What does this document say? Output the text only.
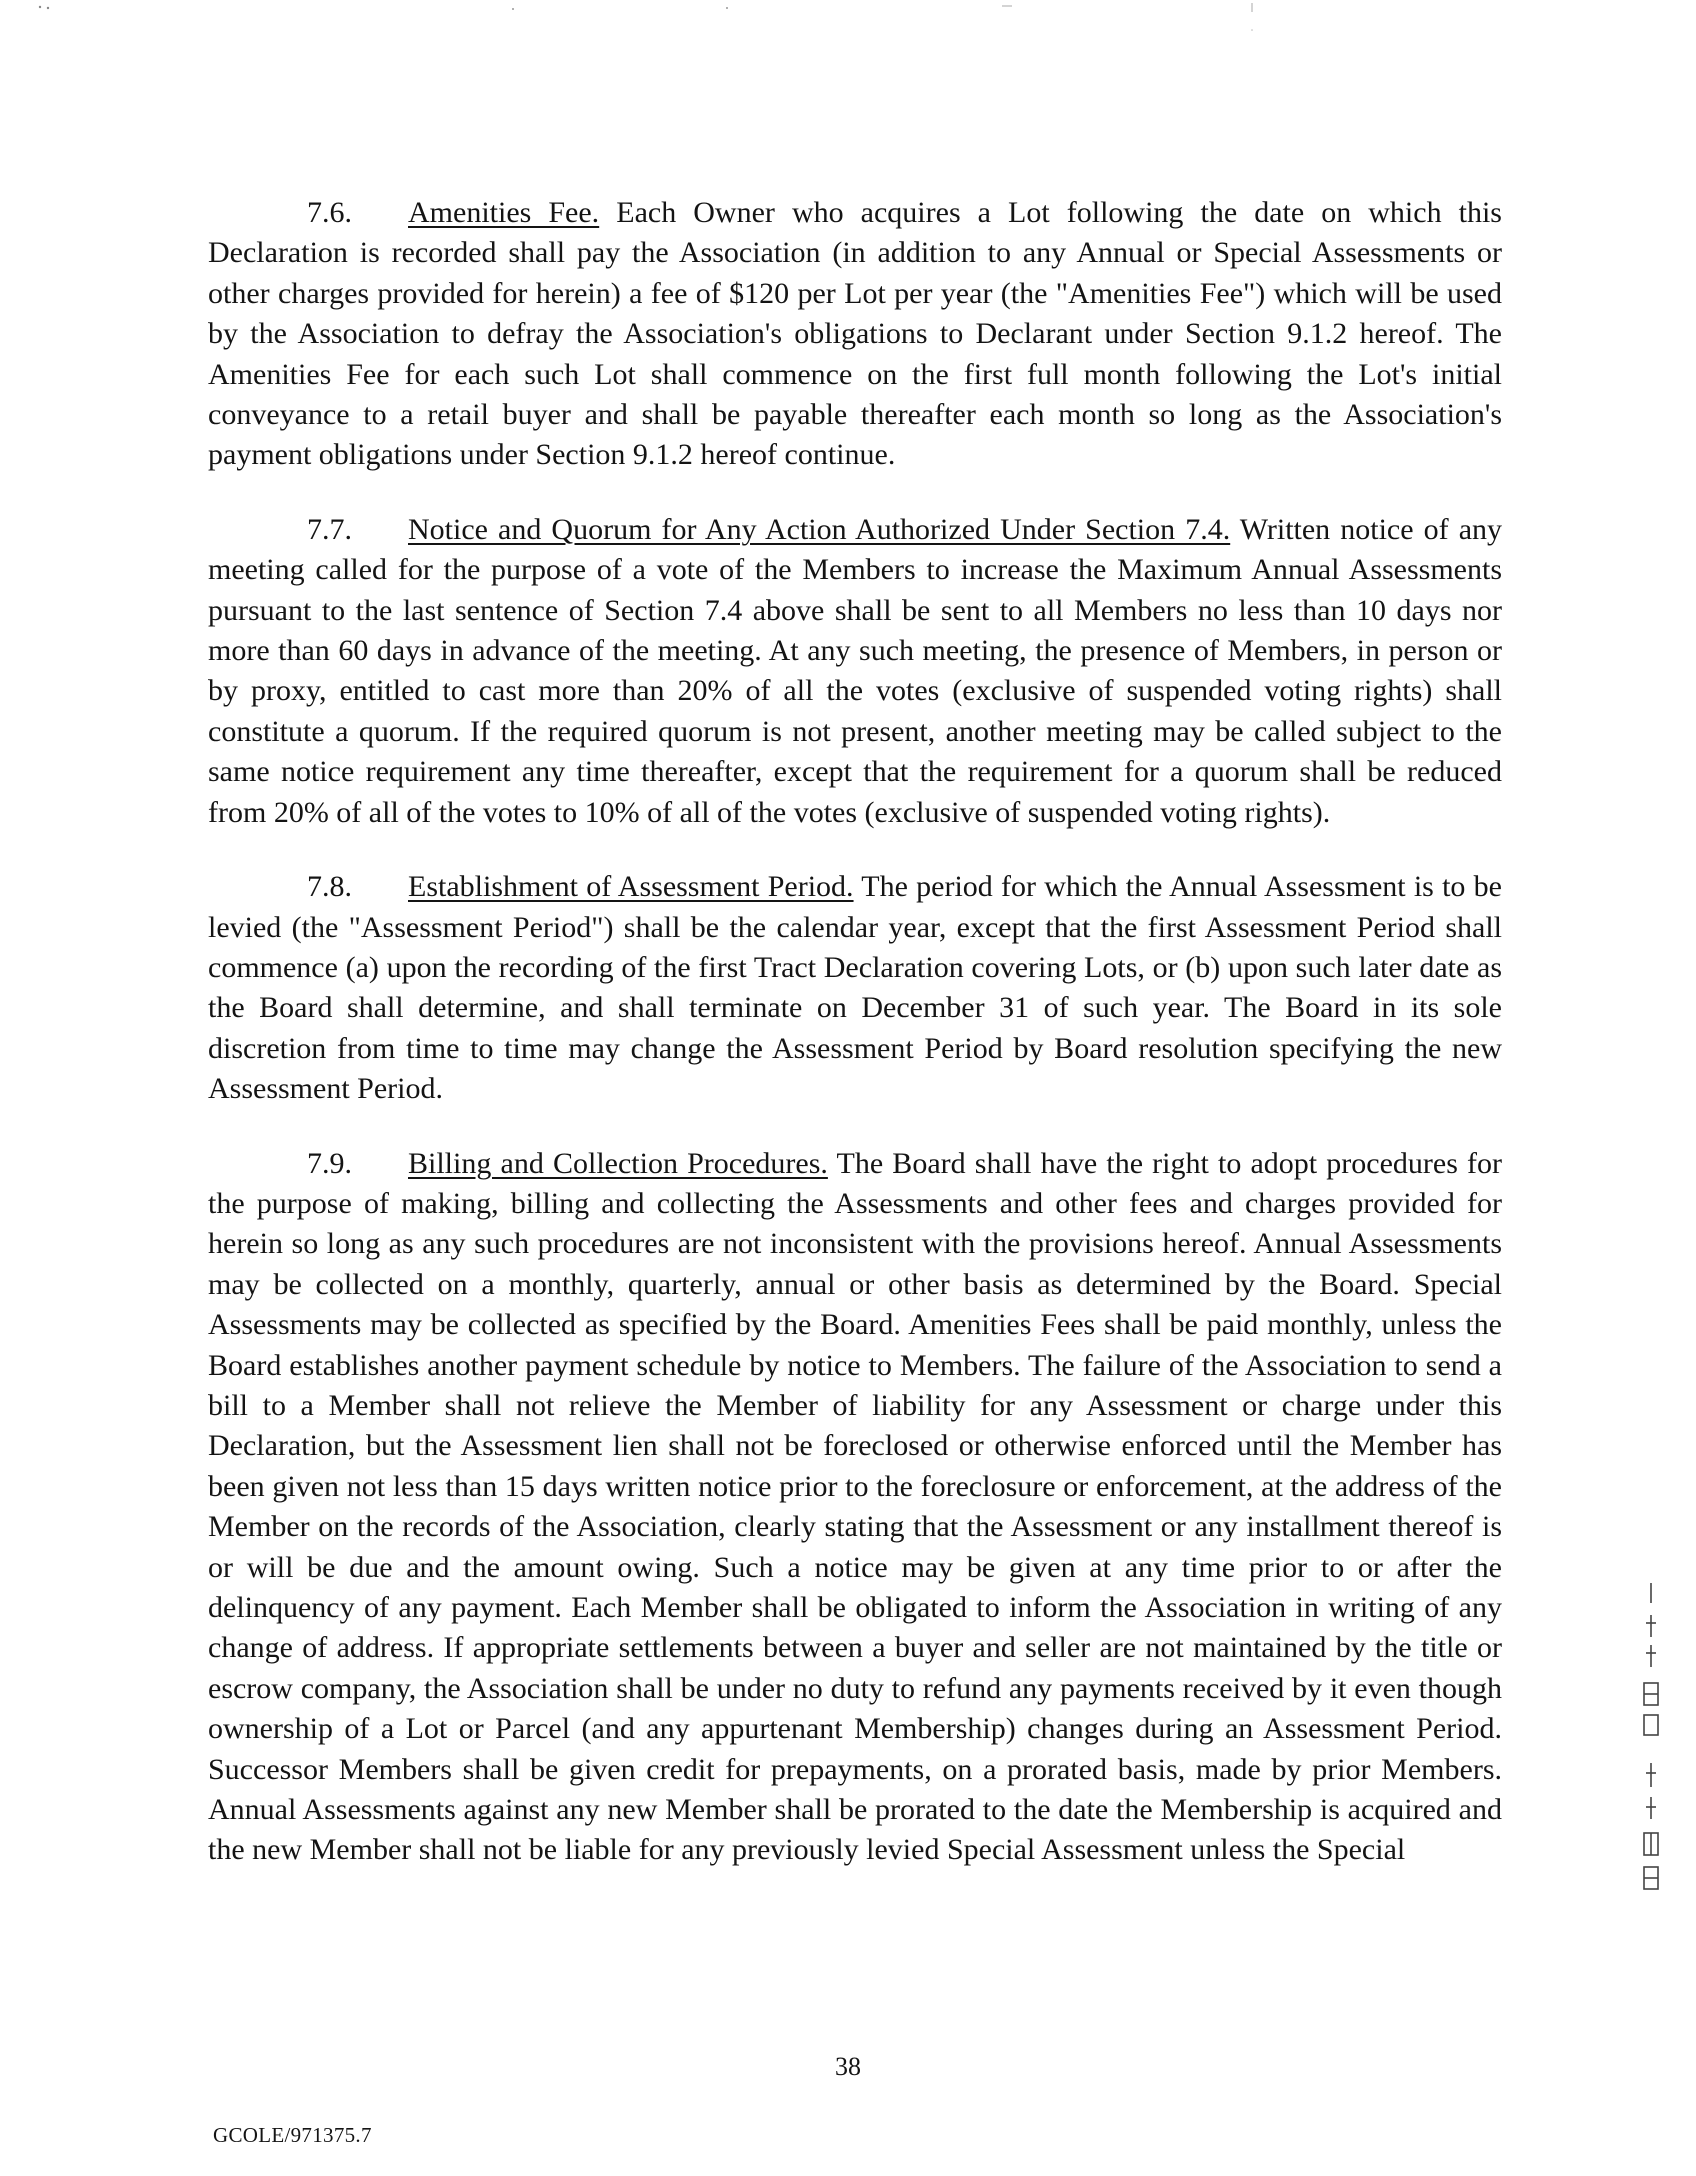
7.6. Amenities Fee. Each Owner who acquires a Lot following the date on which this Declaration is recorded shall pay the Association (in addition to any Annual or Special Assessments or other charges provided for herein) a fee of $120 per Lot per year (the "Amenities Fee") which will be used by the Association to defray the Association's obligations to Declarant under Section 9.1.2 hereof. The Amenities Fee for each such Lot shall commence on the first full month following the Lot's initial conveyance to a retail buyer and shall be payable thereafter each month so long as the Association's payment obligations under Section 9.1.2 hereof continue.

7.7. Notice and Quorum for Any Action Authorized Under Section 7.4. Written notice of any meeting called for the purpose of a vote of the Members to increase the Maximum Annual Assessments pursuant to the last sentence of Section 7.4 above shall be sent to all Members no less than 10 days nor more than 60 days in advance of the meeting. At any such meeting, the presence of Members, in person or by proxy, entitled to cast more than 20% of all the votes (exclusive of suspended voting rights) shall constitute a quorum. If the required quorum is not present, another meeting may be called subject to the same notice requirement any time thereafter, except that the requirement for a quorum shall be reduced from 20% of all of the votes to 10% of all of the votes (exclusive of suspended voting rights).

7.8. Establishment of Assessment Period. The period for which the Annual Assessment is to be levied (the "Assessment Period") shall be the calendar year, except that the first Assessment Period shall commence (a) upon the recording of the first Tract Declaration covering Lots, or (b) upon such later date as the Board shall determine, and shall terminate on December 31 of such year. The Board in its sole discretion from time to time may change the Assessment Period by Board resolution specifying the new Assessment Period.

7.9. Billing and Collection Procedures. The Board shall have the right to adopt procedures for the purpose of making, billing and collecting the Assessments and other fees and charges provided for herein so long as any such procedures are not inconsistent with the provisions hereof. Annual Assessments may be collected on a monthly, quarterly, annual or other basis as determined by the Board. Special Assessments may be collected as specified by the Board. Amenities Fees shall be paid monthly, unless the Board establishes another payment schedule by notice to Members. The failure of the Association to send a bill to a Member shall not relieve the Member of liability for any Assessment or charge under this Declaration, but the Assessment lien shall not be foreclosed or otherwise enforced until the Member has been given not less than 15 days written notice prior to the foreclosure or enforcement, at the address of the Member on the records of the Association, clearly stating that the Assessment or any installment thereof is or will be due and the amount owing. Such a notice may be given at any time prior to or after the delinquency of any payment. Each Member shall be obligated to inform the Association in writing of any change of address. If appropriate settlements between a buyer and seller are not maintained by the title or escrow company, the Association shall be under no duty to refund any payments received by it even though ownership of a Lot or Parcel (and any appurtenant Membership) changes during an Assessment Period. Successor Members shall be given credit for prepayments, on a prorated basis, made by prior Members. Annual Assessments against any new Member shall be prorated to the date the Membership is acquired and the new Member shall not be liable for any previously levied Special Assessment unless the Special

38
GCOLE/971375.7
